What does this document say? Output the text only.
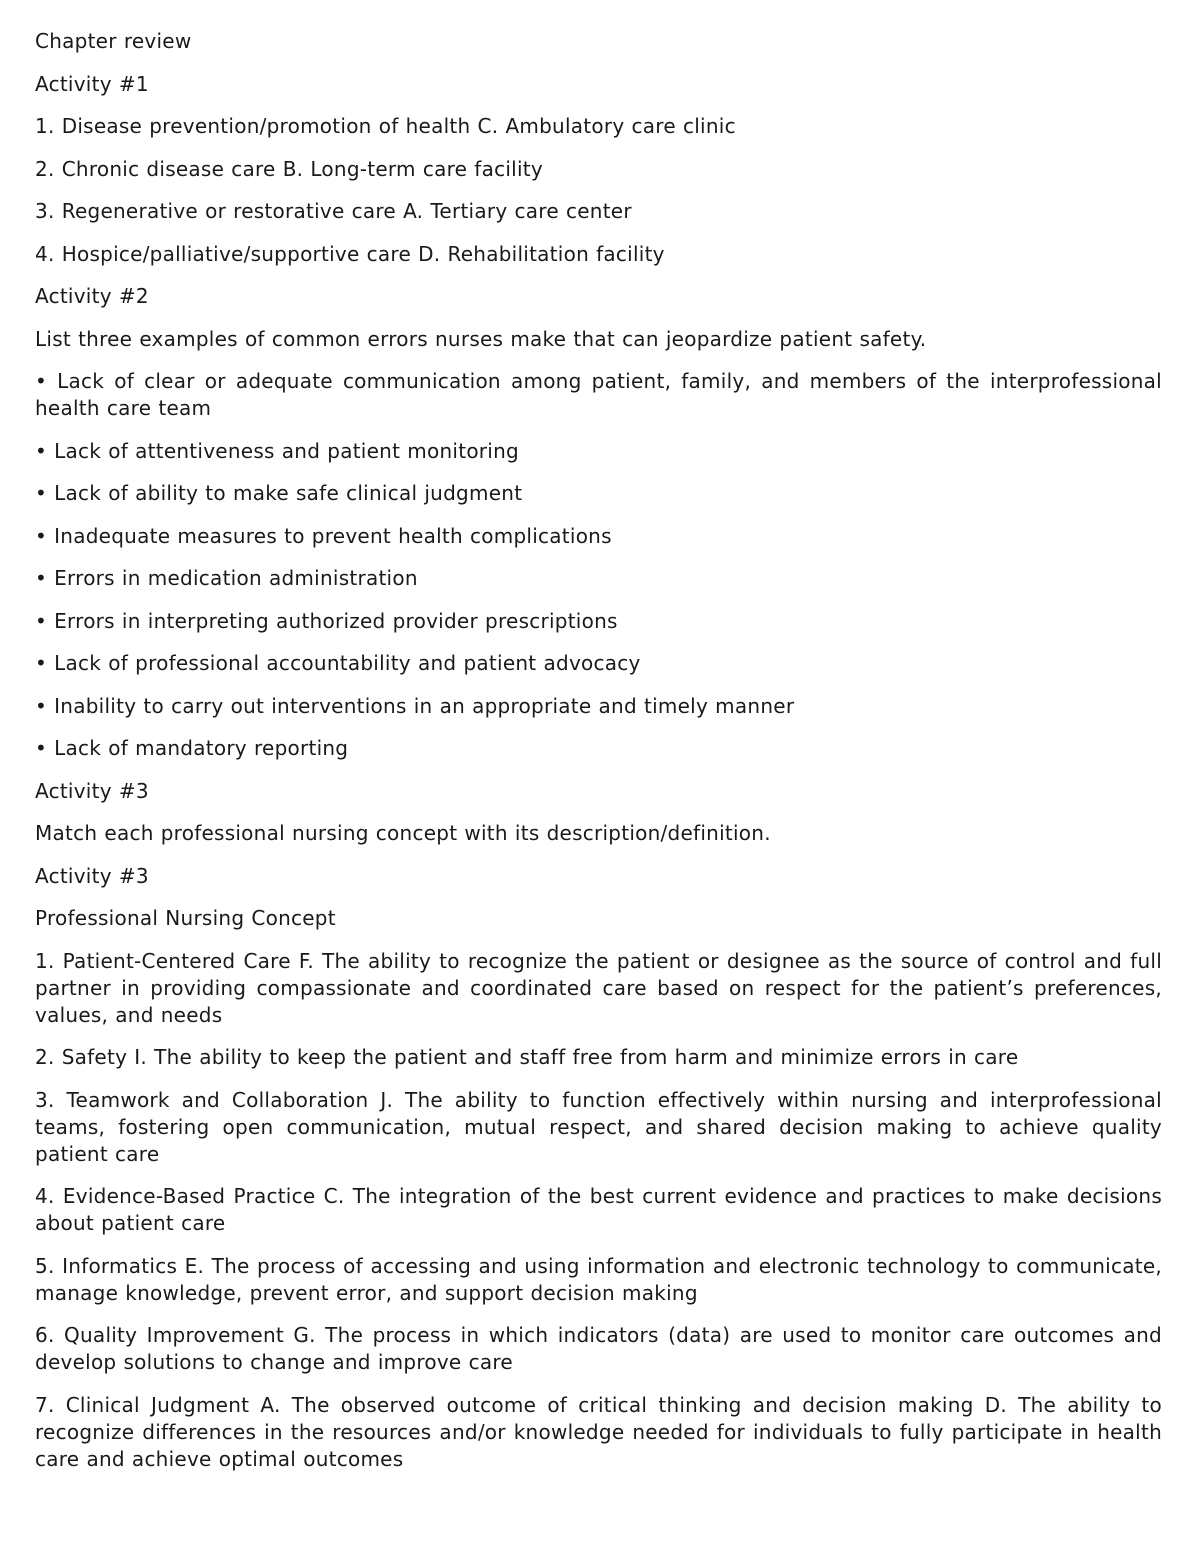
Chapter review

Activity #1

1. Disease prevention/promotion of health C. Ambulatory care clinic

2. Chronic disease care B. Long-term care facility

3. Regenerative or restorative care A. Tertiary care center

4. Hospice/palliative/supportive care D. Rehabilitation facility

Activity #2

List three examples of common errors nurses make that can jeopardize patient safety.

• Lack of clear or adequate communication among patient, family, and members of the interprofessional health care team

• Lack of attentiveness and patient monitoring

• Lack of ability to make safe clinical judgment

• Inadequate measures to prevent health complications

• Errors in medication administration

• Errors in interpreting authorized provider prescriptions

• Lack of professional accountability and patient advocacy

• Inability to carry out interventions in an appropriate and timely manner

• Lack of mandatory reporting

Activity #3

Match each professional nursing concept with its description/definition.

Activity #3

Professional Nursing Concept

1. Patient-Centered Care F. The ability to recognize the patient or designee as the source of control and full partner in providing compassionate and coordinated care based on respect for the patient’s preferences, values, and needs

2. Safety I. The ability to keep the patient and staff free from harm and minimize errors in care

3. Teamwork and Collaboration J. The ability to function effectively within nursing and interprofessional teams, fostering open communication, mutual respect, and shared decision making to achieve quality patient care

4. Evidence-Based Practice C. The integration of the best current evidence and practices to make decisions about patient care

5. Informatics E. The process of accessing and using information and electronic technology to communicate, manage knowledge, prevent error, and support decision making

6. Quality Improvement G. The process in which indicators (data) are used to monitor care outcomes and develop solutions to change and improve care

7. Clinical Judgment A. The observed outcome of critical thinking and decision making D. The ability to recognize differences in the resources and/or knowledge needed for individuals to fully participate in health care and achieve optimal outcomes
